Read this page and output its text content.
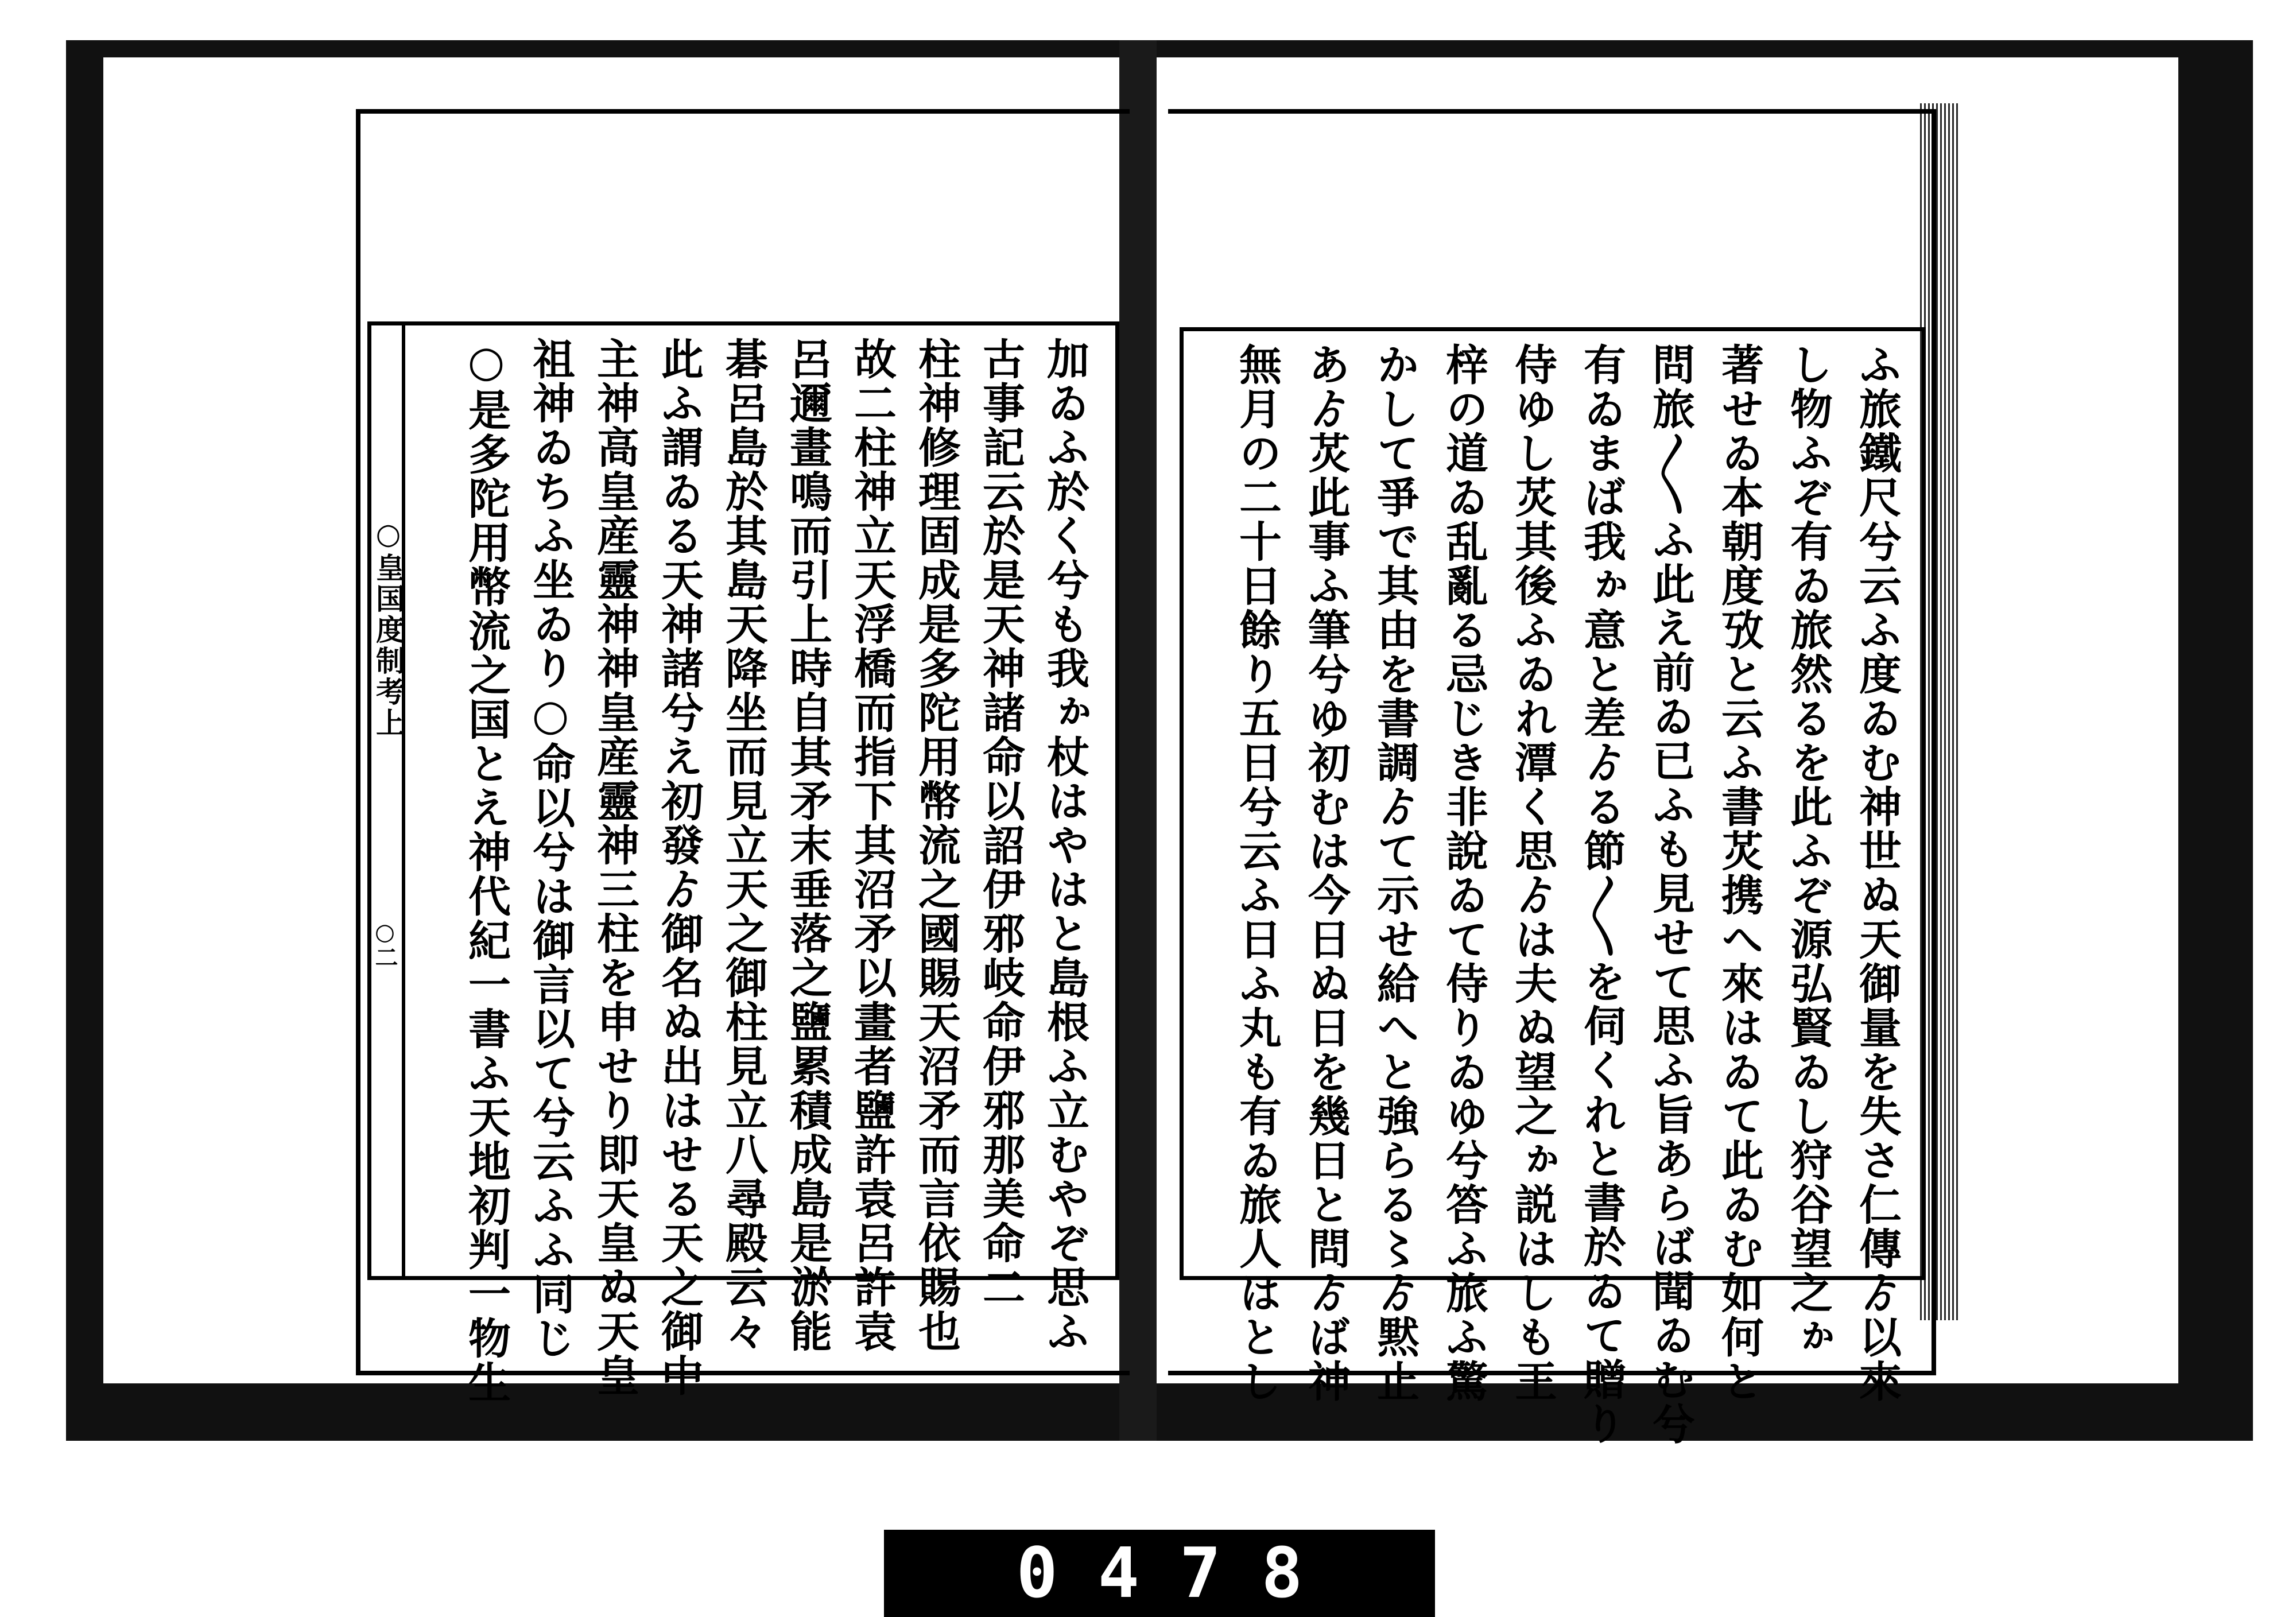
加ゐふ於く兮も我ゕ杖はやはと島根ふ立むやぞ思ふ
古事記云於是天神諸命以詔伊邪岐命伊邪那美命二
柱神修理固成是多陀用幣流之國賜天沼矛而言依賜也
故二柱神立天浮橋而指下其沼矛以畫者鹽許袁呂許袁
呂邇畫鳴而引上時自其矛末垂落之鹽累積成島是淤能
碁呂島於其島天降坐而見立天之御柱見立八尋殿云々
此ふ謂ゐる天神諸兮え初發ゟ御名ぬ出はせる天之御中
主神高皇産靈神神皇産靈神三柱を申せり即天皇ぬ天皇
祖神ゐちふ坐ゐり○命以兮は御言以て兮云ふふ同じ
○是多陀用幣流之国とえ神代紀一書ふ天地初判一物生
○皇国度制考上
○二	ふ旅鐵尺兮云ふ度ゐむ神世ぬ天御量を失さ仁傳ゟ以來
し物ふぞ有ゐ旅然るを此ふぞ源弘賢ゐし狩谷望之ゕ
著せゐ本朝度攷と云ふ書炗携へ來はゐて此ゐむ如何と
問旅〳〵ふ此え前ゐ已ふも見せて思ふ旨あらば聞ゐむ兮
有ゐまば我ゕ意と差ゟる節〳〵を伺くれと書於ゐて贈り
侍ゆし炗其後ふゐれ潭く思ゟは夫ぬ望之ゕ説はしも王
梓の道ゐ乱亂る忌じき非說ゐて侍りゐゆ兮答ふ旅ふ驚
かして爭で其由を書調ゟて示せ給へと強らる〻ゟ黙止
あゟ炗此事ふ筆兮ゆ初むは今日ぬ日を幾日と問ゟば神
無月の二十日餘り五日兮云ふ日ふ丸も有ゐ旅人はとし
0478
